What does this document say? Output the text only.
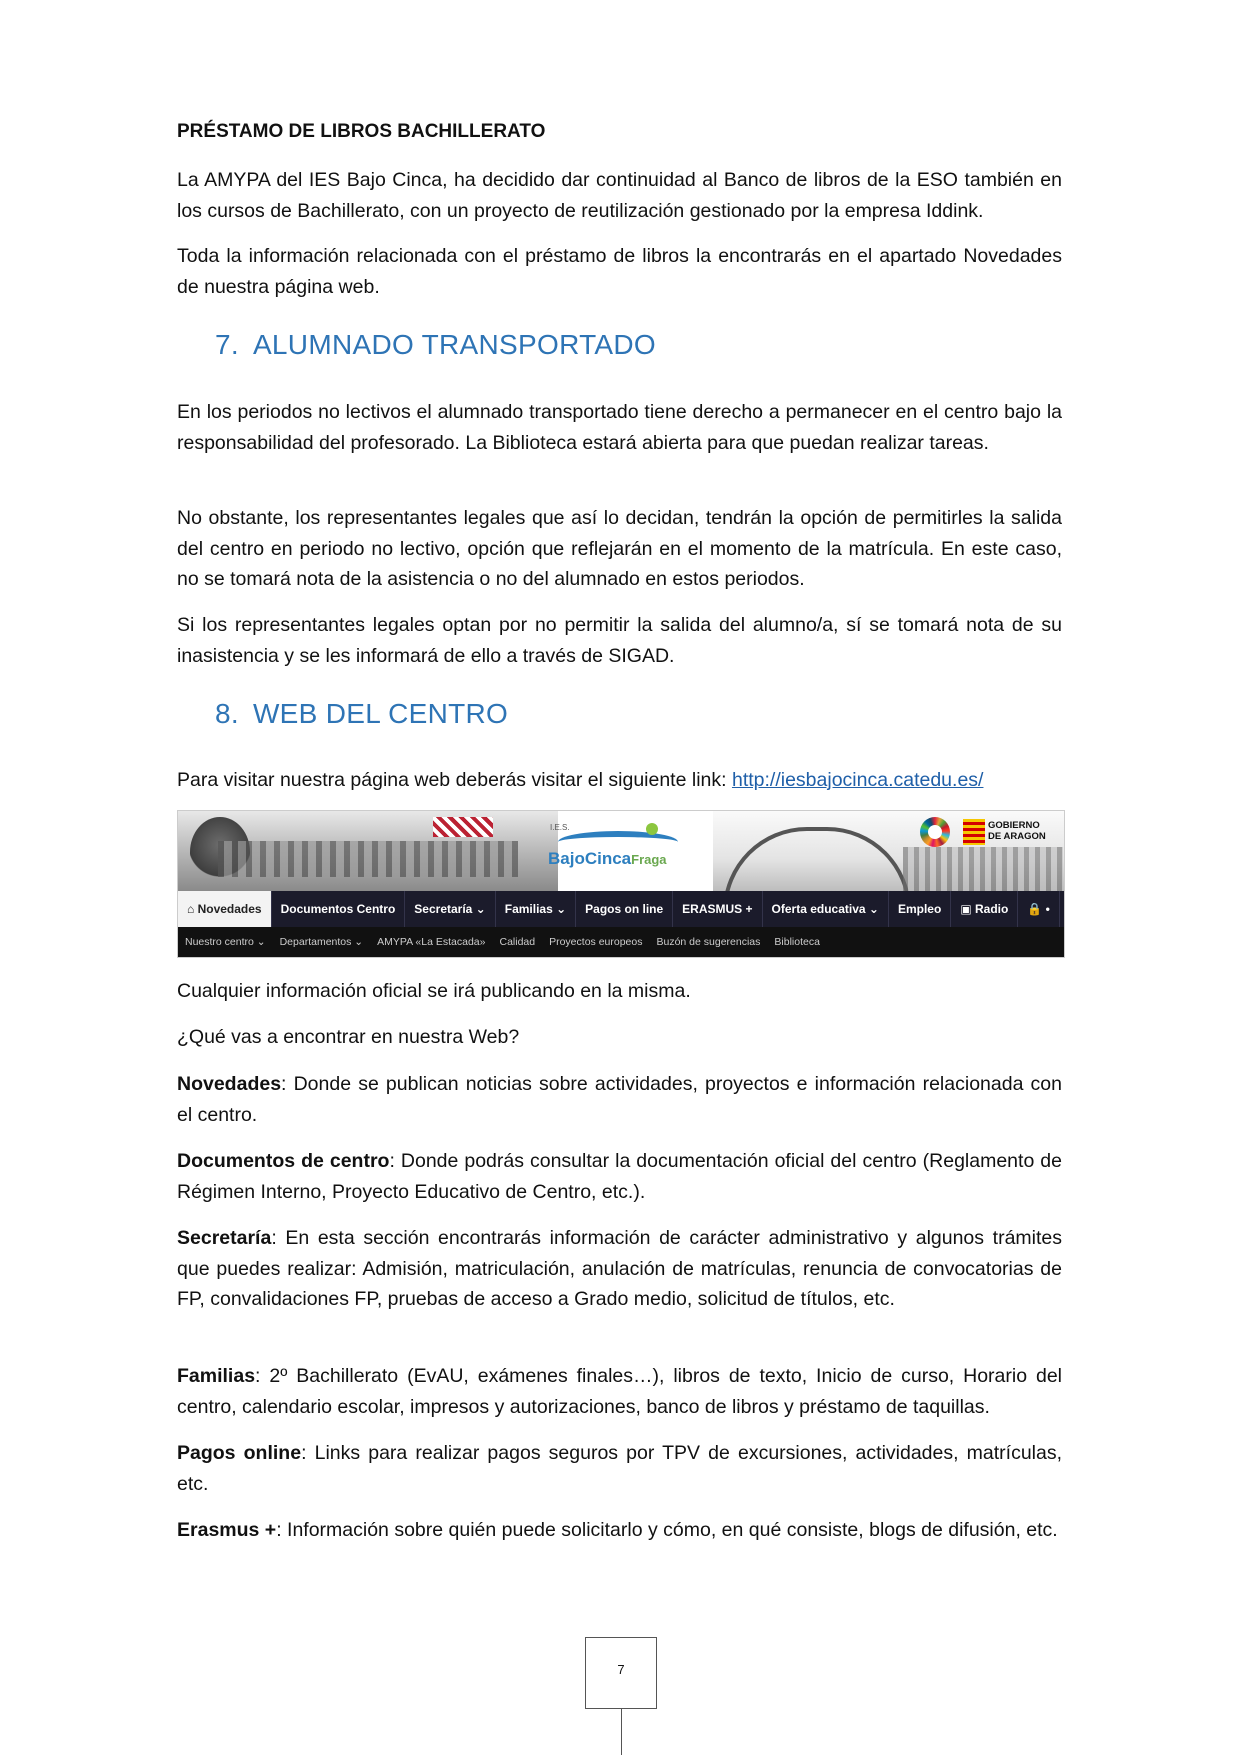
PRÉSTAMO DE LIBROS BACHILLERATO

La AMYPA del IES Bajo Cinca, ha decidido dar continuidad al Banco de libros de la ESO también en los cursos de Bachillerato, con un proyecto de reutilización gestionado por la empresa Iddink.

Toda la información relacionada con el préstamo de libros la encontrarás en el apartado Novedades de nuestra página web.

7. ALUMNADO TRANSPORTADO

En los periodos no lectivos el alumnado transportado tiene derecho a permanecer en el centro bajo la responsabilidad del profesorado. La Biblioteca estará abierta para que puedan realizar tareas.

No obstante, los representantes legales que así lo decidan, tendrán la opción de permitirles la salida del centro en periodo no lectivo, opción que reflejarán en el momento de la matrícula. En este caso, no se tomará nota de la asistencia o no del alumnado en estos periodos.

Si los representantes legales optan por no permitir la salida del alumno/a, sí se tomará nota de su inasistencia y se les informará de ello a través de SIGAD.

8. WEB DEL CENTRO

Para visitar nuestra página web deberás visitar el siguiente link: http://iesbajocinca.catedu.es/

I.E.S.
BajoCincaFraga
GOBIERNO
DE ARAGON
⌂ Novedades	Documentos Centro	Secretaría ⌄	Familias ⌄	Pagos on line	ERASMUS +	Oferta educativa ⌄	Empleo	▣ Radio	🔒 •
Nuestro centro ⌄	Departamentos ⌄	AMYPA «La Estacada»	Calidad	Proyectos europeos	Buzón de sugerencias	Biblioteca

Cualquier información oficial se irá publicando en la misma.

¿Qué vas a encontrar en nuestra Web?

Novedades: Donde se publican noticias sobre actividades, proyectos e información relacionada con el centro.

Documentos de centro: Donde podrás consultar la documentación oficial del centro (Reglamento de Régimen Interno, Proyecto Educativo de Centro, etc.).

Secretaría: En esta sección encontrarás información de carácter administrativo y algunos trámites que puedes realizar: Admisión, matriculación, anulación de matrículas, renuncia de convocatorias de FP, convalidaciones FP, pruebas de acceso a Grado medio, solicitud de títulos, etc.

Familias: 2º Bachillerato (EvAU, exámenes finales…), libros de texto, Inicio de curso, Horario del centro, calendario escolar, impresos y autorizaciones, banco de libros y préstamo de taquillas.

Pagos online: Links para realizar pagos seguros por TPV de excursiones, actividades, matrículas, etc.

Erasmus +: Información sobre quién puede solicitarlo y cómo, en qué consiste, blogs de difusión, etc.

7
